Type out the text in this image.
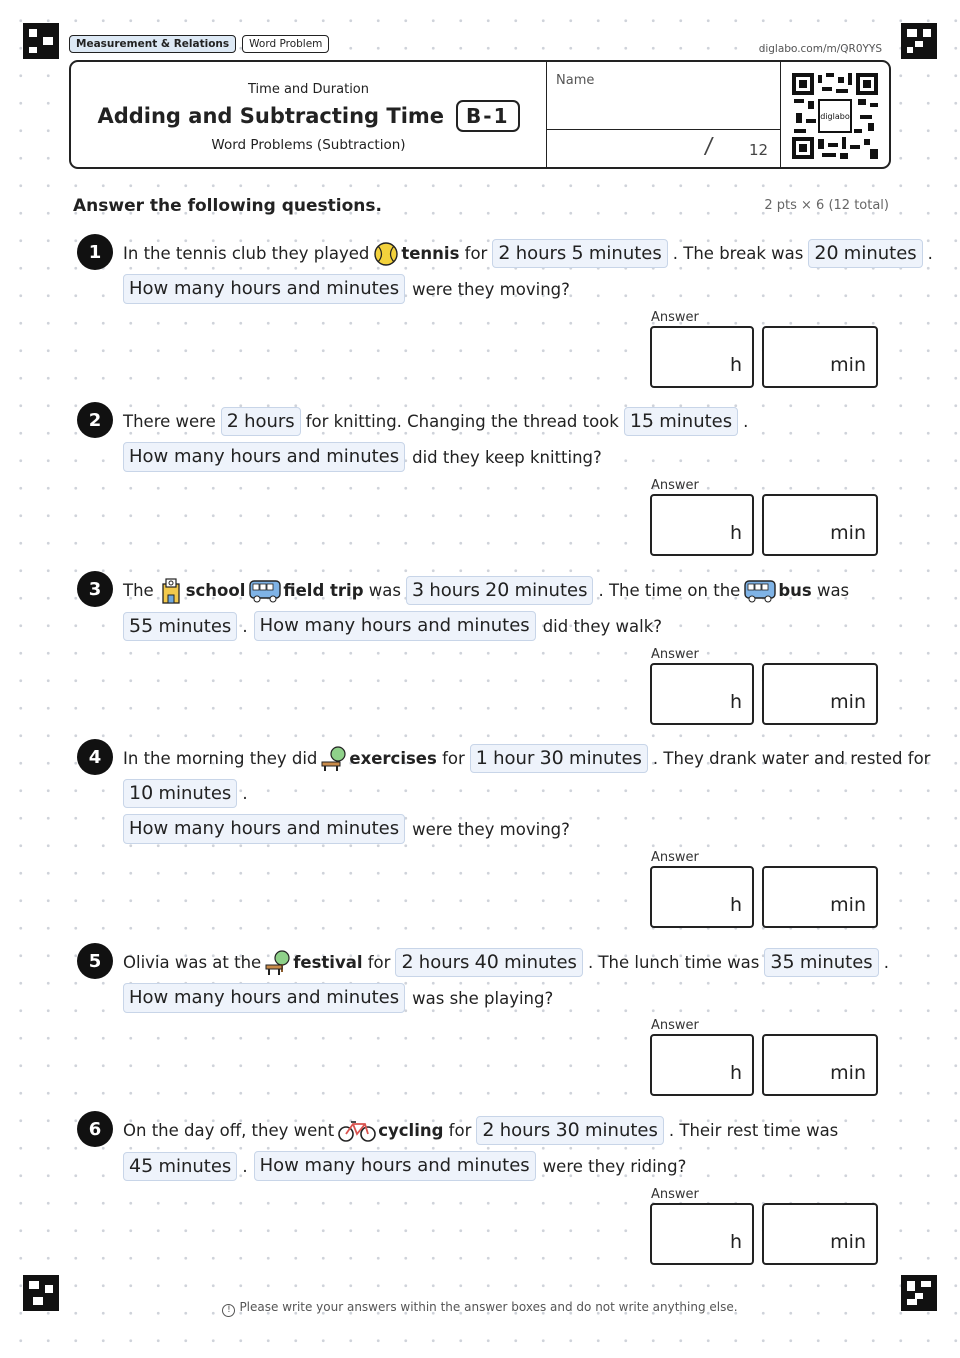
Measurement & Relations	Word Problem	diglabo.com/m/QR0YYS
Time and Duration
Adding and Subtracting Time	B-1
Word Problems (Subtraction)
Name
/ 12
diglabo
Answer the following questions.	2 pts × 6 (12 total)
1	In the tennis club they played tennis
for 2 hours 5 minutes . The break was 20 minutes .
How many hours and minutes were they moving?
Answer
h	min
2	There were 2 hours for knitting. Changing the thread took 15 minutes .
How many hours and minutes did they keep knitting?
Answer
h	min
3	The school field trip
was 3 hours 20 minutes . The time on the bus
was
55 minutes . How many hours and minutes did they walk?
Answer
h	min
4	In the morning they did exercises
for 1 hour 30 minutes . They drank water and rested for
10 minutes .
How many hours and minutes were they moving?
Answer
h	min
5	Olivia was at the festival
for 2 hours 40 minutes . The lunch time was 35 minutes .
How many hours and minutes was she playing?
Answer
h	min
6	On the day off, they went	cycling
for 2 hours 30 minutes . Their rest time was
45 minutes . How many hours and minutes were they riding?
Answer
h	min
! Please write your answers within the answer boxes and do not write anything else.
